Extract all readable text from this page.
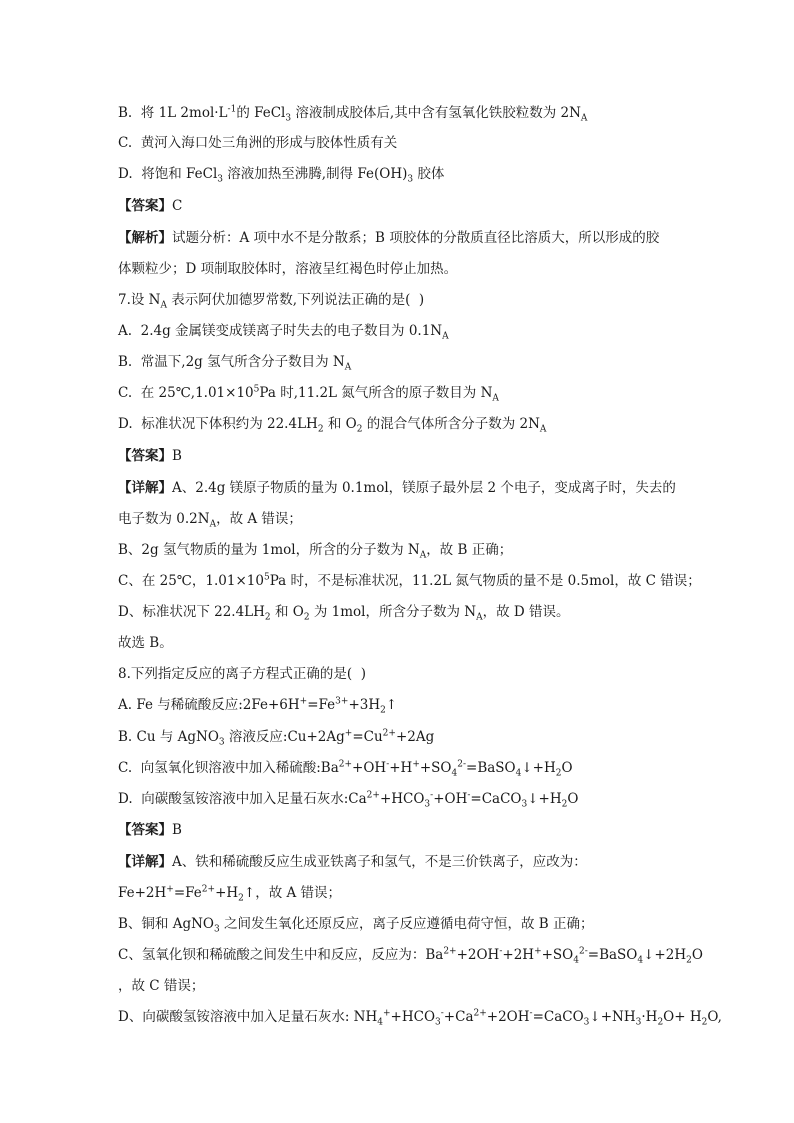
B.  将 1L $2mol\cdot L^{-1}$的 FeCl$_3$ 溶液制成胶体后,其中含有氢氧化铁胶粒数为 $2N_A$
C.  黄河入海口处三角洲的形成与胶体性质有关
D.  将饱和 FeCl$_3$ 溶液加热至沸腾,制得 $Fe(OH)_3$ 胶体
【答案】C
【解析】试题分析：A 项中水不是分散系；B 项胶体的分散质直径比溶质大，所以形成的胶
体颗粒少；D 项制取胶体时，溶液呈红褐色时停止加热。
7.设 $N_A$ 表示阿伏加德罗常数,下列说法正确的是(  )
A.  2.4g 金属镁变成镁离子时失去的电子数目为 $0.1N_A$
B.  常温下,2g 氢气所含分子数目为 $N_A$
C.  在 $25℃,1.01\times 10^5Pa$ 时,11.2L 氮气所含的原子数目为 $N_A$
D.  标准状况下体积约为 $22.4LH_2$ 和 $O_2$ 的混合气体所含分子数为 $2N_A$
【答案】B
【详解】A、2.4g 镁原子物质的量为 0.1mol，镁原子最外层 2 个电子，变成离子时，失去的
电子数为 $0.2N_A$，故 A 错误；
B、2g 氢气物质的量为 1mol，所含的分子数为 $N_A$，故 B 正确；
C、在 25℃，$1.01\times 10^5Pa$ 时，不是标准状况，11.2L 氮气物质的量不是 0.5mol，故 C 错误；
D、标准状况下 $22.4LH_2$ 和 $O_2$ 为 1mol，所含分子数为 $N_A$，故 D 错误。
故选 B。
8.下列指定反应的离子方程式正确的是(  )
A. Fe 与稀硫酸反应$:2Fe+6H^+=Fe^{3+}+3H_2↑$
B. Cu 与 AgNO$_3$ 溶液反应$:Cu+2Ag^+=Cu^{2+}+2Ag$
C.  向氢氧化钡溶液中加入稀硫酸$:Ba^{2+}+OH^-+H^++SO_4^{2-}=BaSO_4↓+H_2O$
D.  向碳酸氢铵溶液中加入足量石灰水$:Ca^{2+}+HCO_3^-+OH^-=CaCO_3↓+H_2O$
【答案】B
【详解】A、铁和稀硫酸反应生成亚铁离子和氢气，不是三价铁离子，应改为：
$Fe+2H^+=Fe^{2+}+H_2↑$，故 A 错误；
B、铜和 AgNO$_3$ 之间发生氧化还原反应，离子反应遵循电荷守恒，故 B 正确；
C、氢氧化钡和稀硫酸之间发生中和反应，反应为：$Ba^{2+}+2OH^-+2H^++SO_4^{2-}=BaSO_4↓+2H_2O$
，故 C 错误；
D、向碳酸氢铵溶液中加入足量石灰水: $NH_4^++HCO_3^-+Ca^{2+}+2OH^-=CaCO_3↓+NH_3\cdot H_2O+ H_2O$,
